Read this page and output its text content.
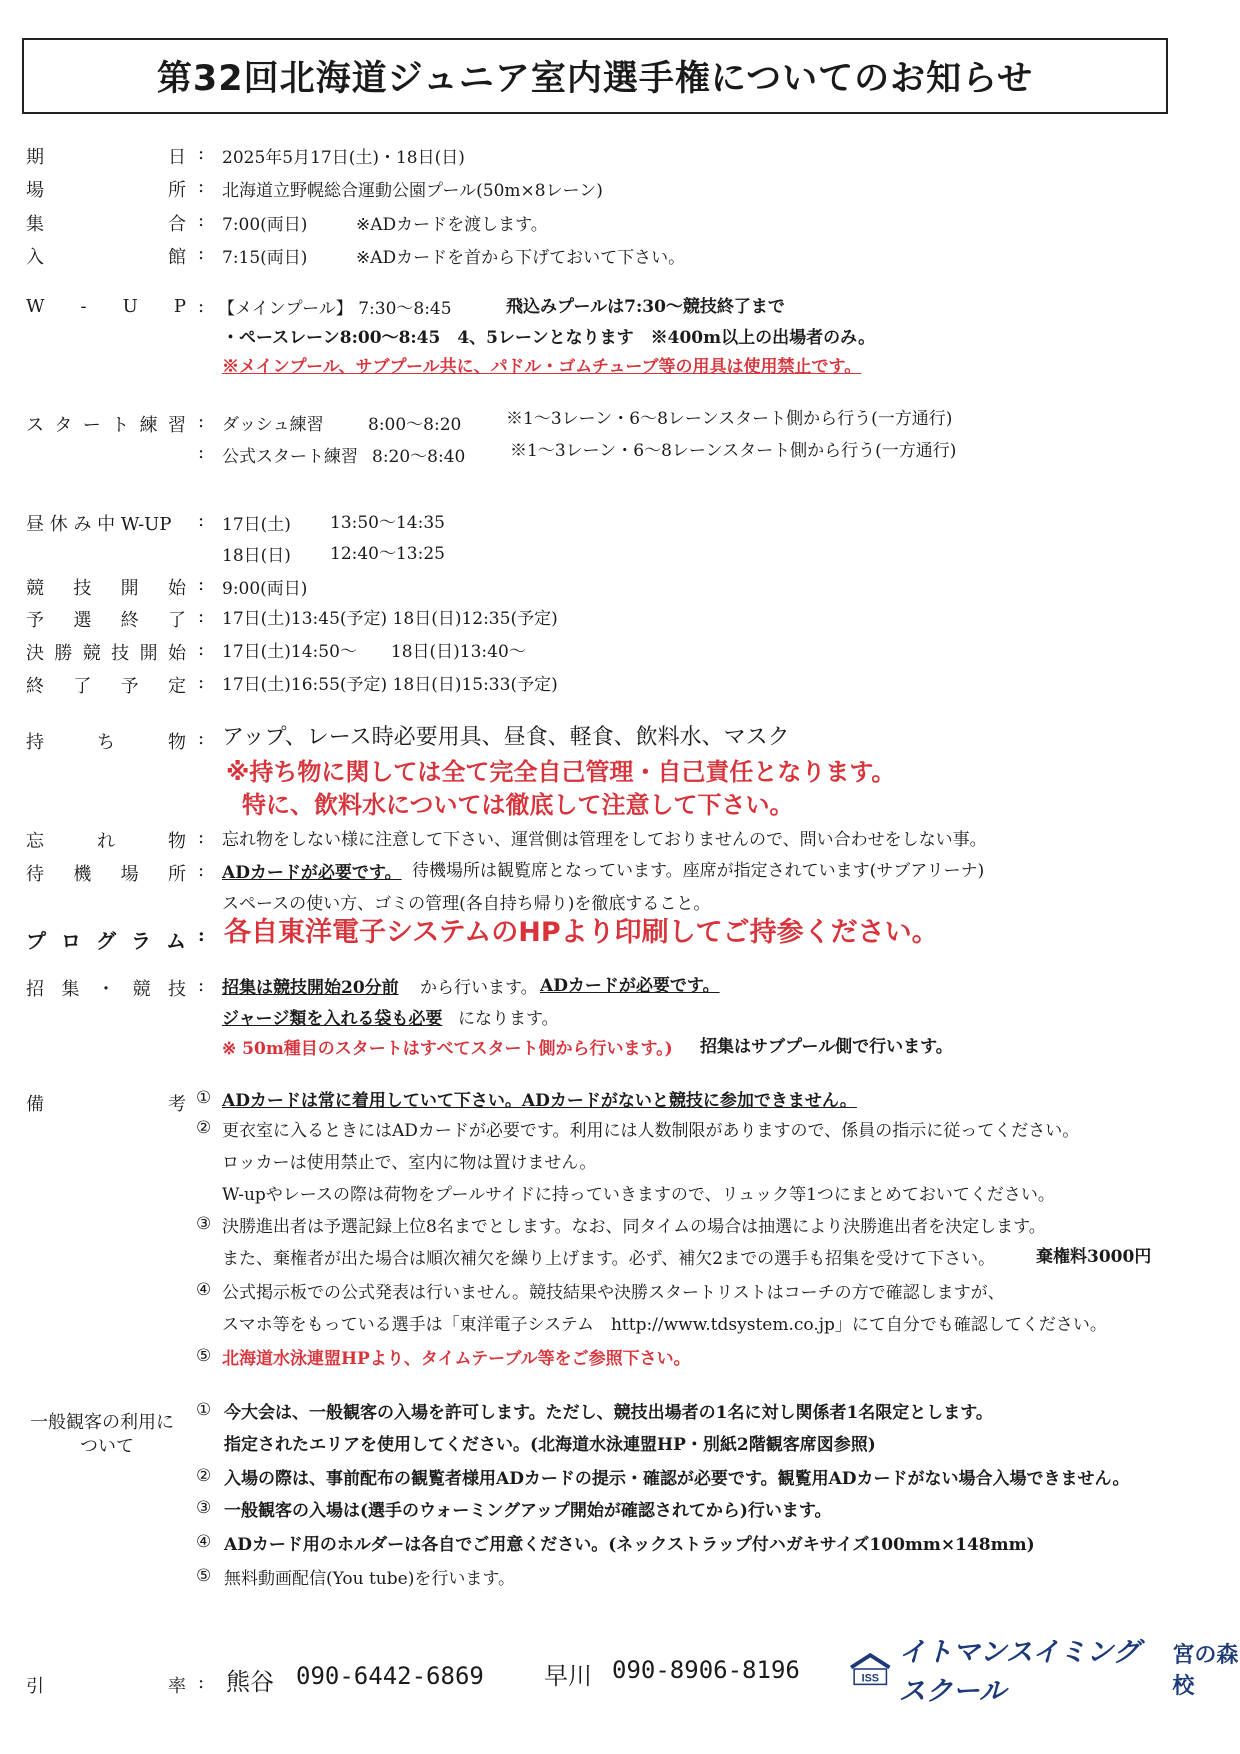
第32回北海道ジュニア室内選手権についてのお知らせ
期	日 : 2025年5月17日(土)・18日(日)
場	所 : 北海道立野幌総合運動公園プール(50m×8レーン)
集	合 : 7:00(両日)	※ADカードを渡します。
入	館 : 7:15(両日)	※ADカードを首から下げておいて下さい。
W - U P : 【メインプール】 7:30〜8:45	飛込みプールは7:30〜競技終了まで
・ペースレーン8:00〜8:45　4、5レーンとなります　※400m以上の出場者のみ。
※メインプール、サブプール共に、パドル・ゴムチューブ等の用具は使用禁止です。
ス タ ー ト 練 習 : ダッシュ練習	8:00〜8:20	※1〜3レーン・6〜8レーンスタート側から行う(一方通行)
: 公式スタート練習 8:20〜8:40	※1〜3レーン・6〜8レーンスタート側から行う(一方通行)
昼 休 み 中 W-UP : 17日(土) 13:50〜14:35
18日(日) 12:40〜13:25
競 技 開 始 : 9:00(両日)
予 選 終 了 : 17日(土)13:45(予定) 18日(日)12:35(予定)
決 勝 競 技 開 始 : 17日(土)14:50〜　　18日(日)13:40〜
終 了 予 定 : 17日(土)16:55(予定) 18日(日)15:33(予定)
持	ち	物 : アップ、レース時必要用具、昼食、軽食、飲料水、マスク
※持ち物に関しては全て完全自己管理・自己責任となります。
特に、飲料水については徹底して注意して下さい。
忘	れ	物 : 忘れ物をしない様に注意して下さい、運営側は管理をしておりませんので、問い合わせをしない事。
待 機 場 所 : ADカードが必要です。 待機場所は観覧席となっています。座席が指定されています(サブアリーナ)
スペースの使い方、ゴミの管理(各自持ち帰り)を徹底すること。
プ ロ グ ラ ム : 各自東洋電子システムのHPより印刷してご持参ください。
招 集 ・ 競 技 : 招集は競技開始20分前 から行います。 ADカードが必要です。
ジャージ類を入れる袋も必要 になります。
※ 50m種目のスタートはすべてスタート側から行います。) 招集はサブプール側で行います。
備	考 ① ADカードは常に着用していて下さい。ADカードがないと競技に参加できません。
② 更衣室に入るときにはADカードが必要です。利用には人数制限がありますので、係員の指示に従ってください。
ロッカーは使用禁止で、室内に物は置けません。
W-upやレースの際は荷物をプールサイドに持っていきますので、リュック等1つにまとめておいてください。
③ 決勝進出者は予選記録上位8名までとします。なお、同タイムの場合は抽選により決勝進出者を決定します。
また、棄権者が出た場合は順次補欠を繰り上げます。必ず、補欠2までの選手も招集を受けて下さい。 棄権料3000円
④ 公式掲示板での公式発表は行いません。競技結果や決勝スタートリストはコーチの方で確認しますが、
スマホ等をもっている選手は「東洋電子システム　http://www.tdsystem.co.jp」にて自分でも確認してください。
⑤ 北海道水泳連盟HPより、タイムテーブル等をご参照下さい。
一般観客の利用に
ついて
① 今大会は、一般観客の入場を許可します。ただし、競技出場者の1名に対し関係者1名限定とします。
指定されたエリアを使用してください。(北海道水泳連盟HP・別紙2階観客席図参照)
② 入場の際は、事前配布の観覧者様用ADカードの提示・確認が必要です。観覧用ADカードがない場合入場できません。
③ 一般観客の入場は(選手のウォーミングアップ開始が確認されてから)行います。
④ ADカード用のホルダーは各自でご用意ください。(ネックストラップ付ハガキサイズ100mm×148mm)
⑤ 無料動画配信(You tube)を行います。
引	率 : 熊谷 090-6442-6869	早川 090-8906-8196	ISS
イトマンスイミングスクール
宮の森校
